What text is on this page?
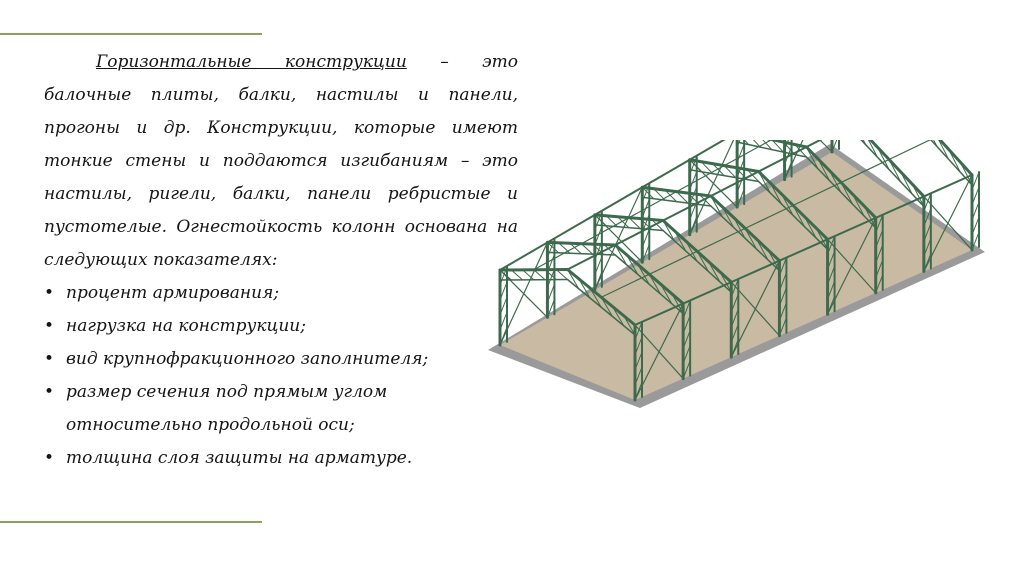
Горизонтальные конструкции – это балочные плиты, балки, настилы и панели, прогоны и др. Конструкции, которые имеют тонкие стены и поддаются изгибаниям – это настилы, ригели, балки, панели ребристые и пустотелые. Огнестойкость колонн основана на следующих показателях:

• процент армирования;
• нагрузка на конструкции;
• вид крупнофракционного заполнителя;
• размер сечения под прямым углом относительно продольной оси;
• толщина слоя защиты на арматуре.
